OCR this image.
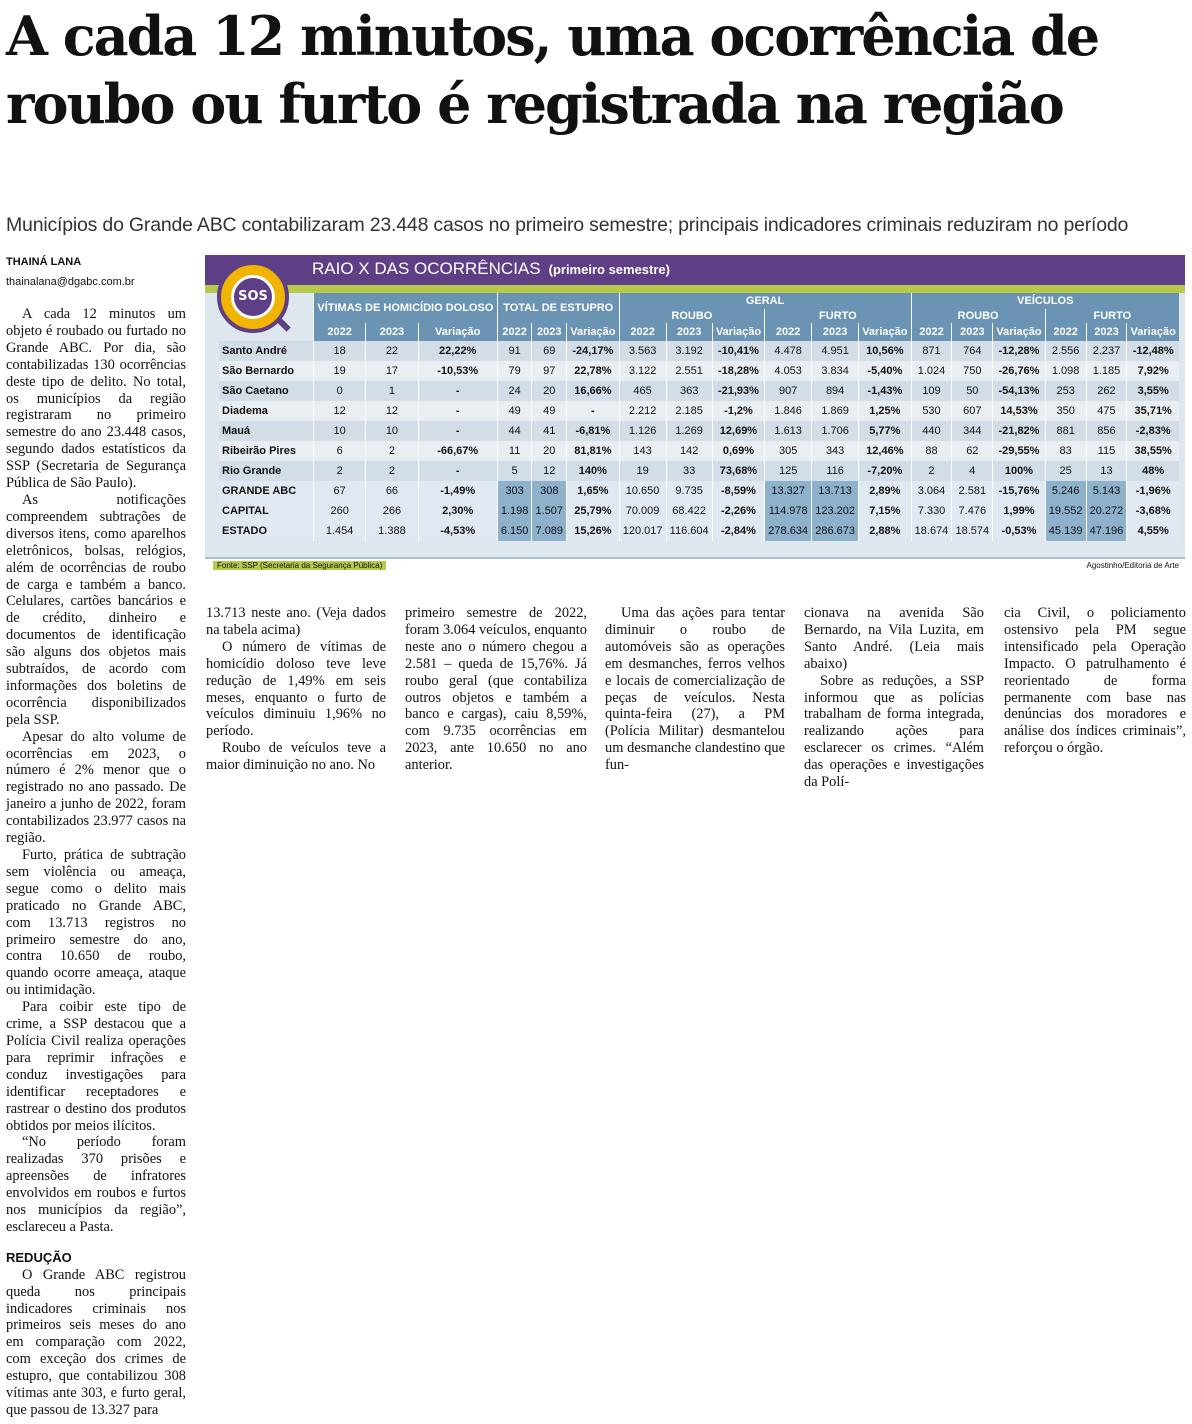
A cada 12 minutos, uma ocorrência de roubo ou furto é registrada na região
Municípios do Grande ABC contabilizaram 23.448 casos no primeiro semestre; principais indicadores criminais reduziram no período
THAINÁ LANA
thainalana@dgabc.com.br
RAIO X DAS OCORRÊNCIAS (primeiro semestre)
SOS
	VÍTIMAS DE HOMICÍDIO DOLOSO			TOTAL DE ESTUPRO			GERAL						VEÍCULOS					
							ROUBO			FURTO			ROUBO			FURTO		
	2022	2023	Variação	2022	2023	Variação	2022	2023	Variação	2022	2023	Variação	2022	2023	Variação	2022	2023	Variação
Santo André	18	22	22,22%	91	69	-24,17%	3.563	3.192	-10,41%	4.478	4.951	10,56%	871	764	-12,28%	2.556	2.237	-12,48%
São Bernardo	19	17	-10,53%	79	97	22,78%	3.122	2.551	-18,28%	4.053	3.834	-5,40%	1.024	750	-26,76%	1.098	1.185	7,92%
São Caetano	0	1	-	24	20	16,66%	465	363	-21,93%	907	894	-1,43%	109	50	-54,13%	253	262	3,55%
Diadema	12	12	-	49	49	-	2.212	2.185	-1,2%	1.846	1.869	1,25%	530	607	14,53%	350	475	35,71%
Mauá	10	10	-	44	41	-6,81%	1.126	1.269	12,69%	1.613	1.706	5,77%	440	344	-21,82%	881	856	-2,83%
Ribeirão Pires	6	2	-66,67%	11	20	81,81%	143	142	0,69%	305	343	12,46%	88	62	-29,55%	83	115	38,55%
Rio Grande	2	2	-	5	12	140%	19	33	73,68%	125	116	-7,20%	2	4	100%	25	13	48%
GRANDE ABC	67	66	-1,49%	303	308	1,65%	10.650	9.735	-8,59%	13.327	13.713	2,89%	3.064	2.581	-15,76%	5.246	5.143	-1,96%
CAPITAL	260	266	2,30%	1.198	1.507	25,79%	70.009	68.422	-2,26%	114.978	123.202	7,15%	7.330	7.476	1,99%	19.552	20.272	-3,68%
ESTADO	1.454	1.388	-4,53%	6.150	7.089	15,26%	120.017	116.604	-2,84%	278.634	286.673	2,88%	18.674	18.574	-0,53%	45.139	47.196	4,55%
Fonte: SSP (Secretaria da Segurança Pública)	Agostinho/Editoria de Arte

A cada 12 minutos um objeto é roubado ou furtado no Grande ABC. Por dia, são contabilizadas 130 ocorrências deste tipo de delito. No total, os municípios da região registraram no primeiro semestre do ano 23.448 casos, segundo dados estatísticos da SSP (Secretaria de Segurança Pública de São Paulo).

As notificações compreendem subtrações de diversos itens, como aparelhos eletrônicos, bolsas, relógios, além de ocorrências de roubo de carga e também a banco. Celulares, cartões bancários e de crédito, dinheiro e documentos de identificação são alguns dos objetos mais subtraídos, de acordo com informações dos boletins de ocorrência disponibilizados pela SSP.

Apesar do alto volume de ocorrências em 2023, o número é 2% menor que o registrado no ano passado. De janeiro a junho de 2022, foram contabilizados 23.977 casos na região.

Furto, prática de subtração sem violência ou ameaça, segue como o delito mais praticado no Grande ABC, com 13.713 registros no primeiro semestre do ano, contra 10.650 de roubo, quando ocorre ameaça, ataque ou intimidação.

Para coibir este tipo de crime, a SSP destacou que a Polícia Civil realiza operações para reprimir infrações e conduz investigações para identificar receptadores e rastrear o destino dos produtos obtidos por meios ilícitos.

“No período foram realizadas 370 prisões e apreensões de infratores envolvidos em roubos e furtos nos municípios da região”, esclareceu a Pasta.

REDUÇÃO

O Grande ABC registrou queda nos principais indicadores criminais nos primeiros seis meses do ano em comparação com 2022, com exceção dos crimes de estupro, que contabilizou 308 vítimas ante 303, e furto geral, que passou de 13.327 para

13.713 neste ano. (Veja dados na tabela acima)

O número de vítimas de homicídio doloso teve leve redução de 1,49% em seis meses, enquanto o furto de veículos diminuiu 1,96% no período.

Roubo de veículos teve a maior diminuição no ano. No

primeiro semestre de 2022, foram 3.064 veículos, enquanto neste ano o número chegou a 2.581 – queda de 15,76%. Já roubo geral (que contabiliza outros objetos e também a banco e cargas), caiu 8,59%, com 9.735 ocorrências em 2023, ante 10.650 no ano anterior.

Uma das ações para tentar diminuir o roubo de automóveis são as operações em desmanches, ferros velhos e locais de comercialização de peças de veículos. Nesta quinta-feira (27), a PM (Polícia Militar) desmantelou um desmanche clandestino que fun-

cionava na avenida São Bernardo, na Vila Luzita, em Santo André. (Leia mais abaixo)

Sobre as reduções, a SSP informou que as polícias trabalham de forma integrada, realizando ações para esclarecer os crimes. “Além das operações e investigações da Polí-

cia Civil, o policiamento ostensivo pela PM segue intensificado pela Operação Impacto. O patrulhamento é reorientado de forma permanente com base nas denúncias dos moradores e análise dos índices criminais”, reforçou o órgão.
